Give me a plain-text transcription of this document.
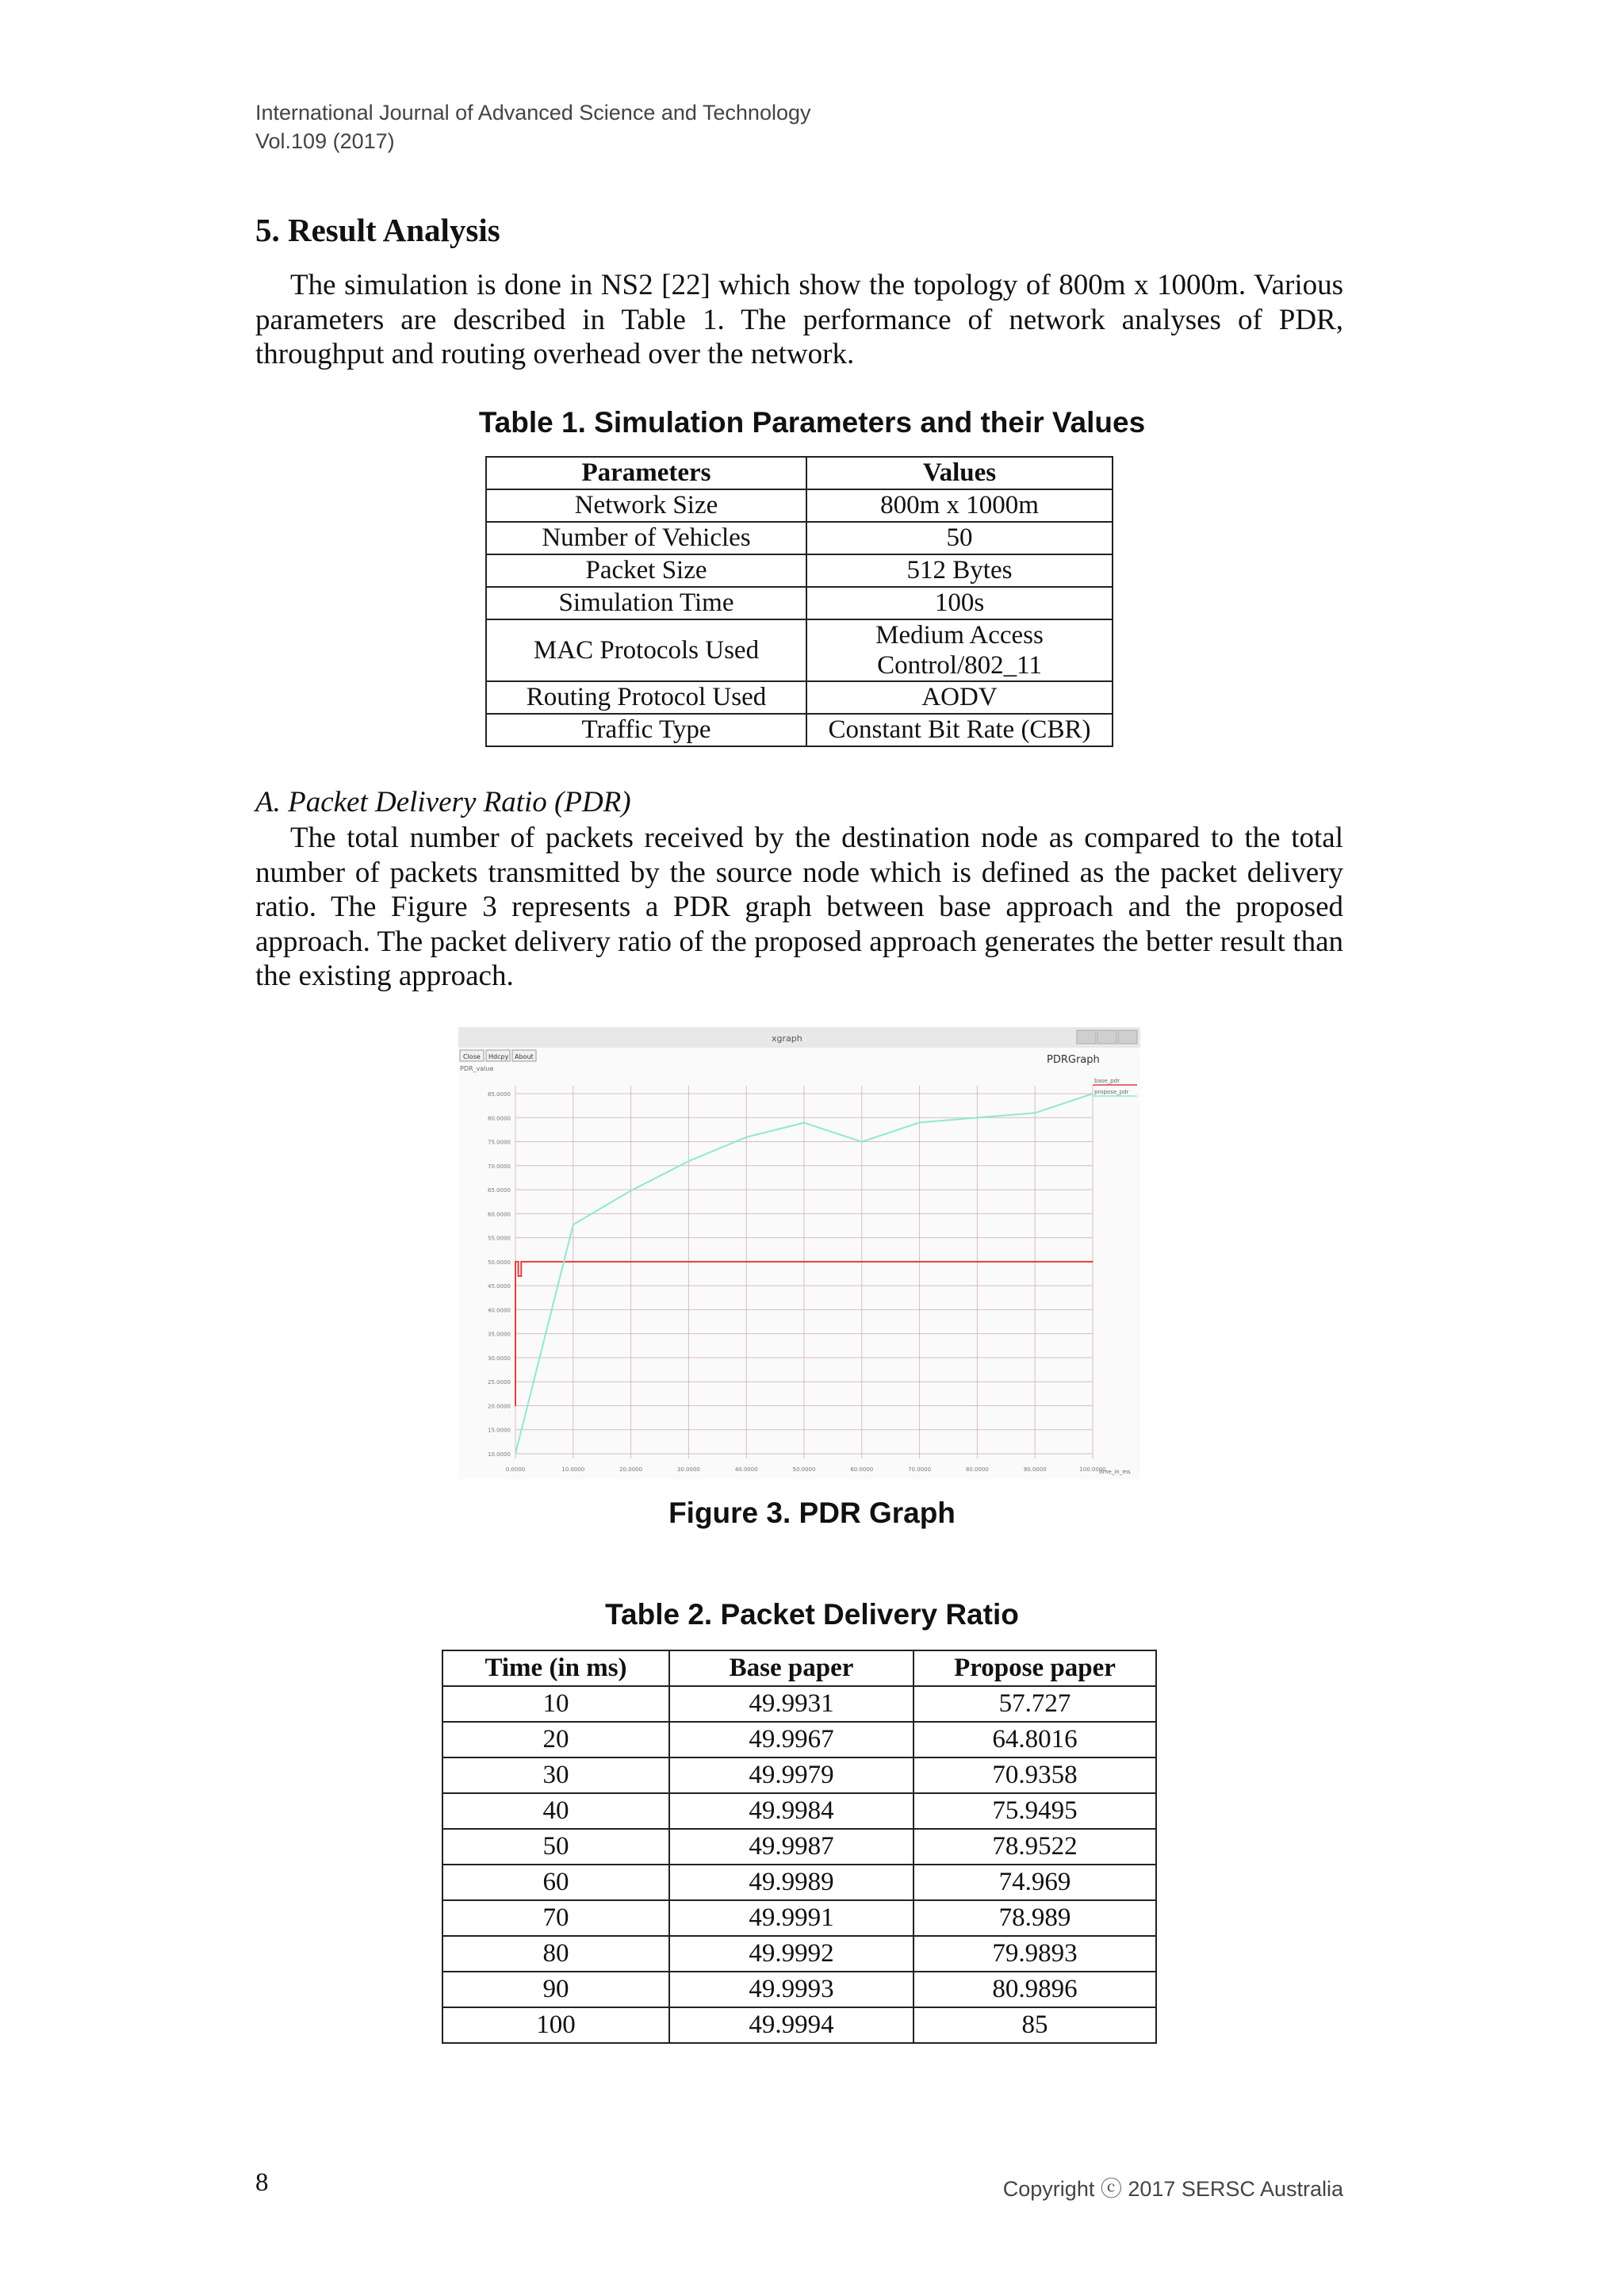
International Journal of Advanced Science and Technology
Vol.109 (2017)
5. Result Analysis

The simulation is done in NS2 [22] which show the topology of 800m x 1000m. Various parameters are described in Table 1. The performance of network analyses of PDR, throughput and routing overhead over the network.

Table 1. Simulation Parameters and their Values
Parameters	Values
Network Size	800m x 1000m
Number of Vehicles	50
Packet Size	512 Bytes
Simulation Time	100s
MAC Protocols Used	Medium Access
Control/802_11

Routing Protocol Used	AODV
Traffic Type	Constant Bit Rate (CBR)
A. Packet Delivery Ratio (PDR)

The total number of packets received by the destination node as compared to the total number of packets transmitted by the source node which is defined as the packet delivery ratio. The Figure 3 represents a PDR graph between base approach and the proposed approach. The packet delivery ratio of the proposed approach generates the better result than the existing approach.

xgraph
Close Hdcpy About
PDR_value
PDRGraph
base_pdr
propose_pdr
time_in_ms
85.0000
80.0000
75.0000
70.0000
65.0000
60.0000
55.0000
50.0000
45.0000
40.0000
35.0000
30.0000
25.0000
20.0000
15.0000
10.0000
0.0000	10.0000	20.0000	30.0000	40.0000	50.0000	60.0000	70.0000	80.0000	90.0000	100.0000
Figure 3. PDR Graph
Table 2. Packet Delivery Ratio
Time (in ms)	Base paper	Propose paper
10	49.9931	57.727
20	49.9967	64.8016
30	49.9979	70.9358
40	49.9984	75.9495
50	49.9987	78.9522
60	49.9989	74.969
70	49.9991	78.989
80	49.9992	79.9893
90	49.9993	80.9896
100	49.9994	85
8	Copyright ⓒ 2017 SERSC Australia
